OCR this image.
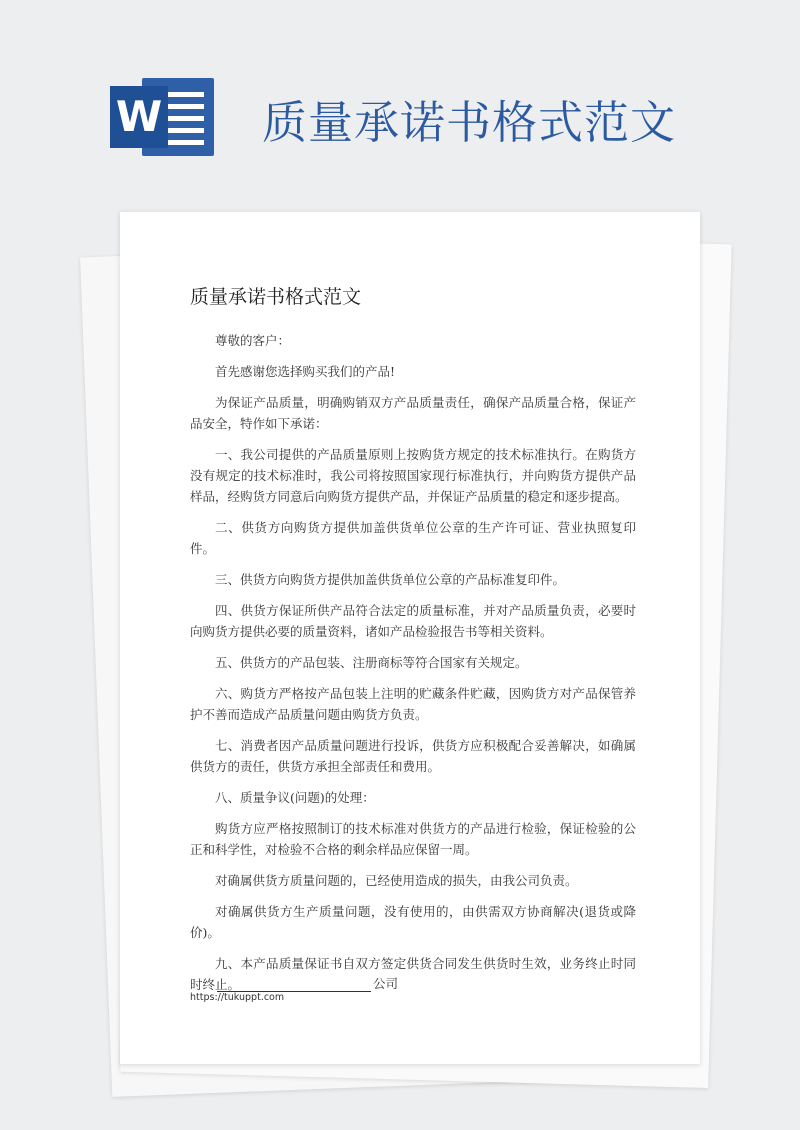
W 质量承诺书格式范文
质量承诺书格式范文

尊敬的客户：

首先感谢您选择购买我们的产品!

为保证产品质量，明确购销双方产品质量责任，确保产品质量合格，保证产品安全，特作如下承诺：

一、我公司提供的产品质量原则上按购货方规定的技术标准执行。在购货方没有规定的技术标准时，我公司将按照国家现行标准执行，并向购货方提供产品样品，经购货方同意后向购货方提供产品，并保证产品质量的稳定和逐步提高。

二、供货方向购货方提供加盖供货单位公章的生产许可证、营业执照复印件。

三、供货方向购货方提供加盖供货单位公章的产品标准复印件。

四、供货方保证所供产品符合法定的质量标准，并对产品质量负责，必要时向购货方提供必要的质量资料，诸如产品检验报告书等相关资料。

五、供货方的产品包装、注册商标等符合国家有关规定。

六、购货方严格按产品包装上注明的贮藏条件贮藏，因购货方对产品保管养护不善而造成产品质量问题由购货方负责。

七、消费者因产品质量问题进行投诉，供货方应积极配合妥善解决，如确属供货方的责任，供货方承担全部责任和费用。

八、质量争议(问题)的处理：

购货方应严格按照制订的技术标准对供货方的产品进行检验，保证检验的公正和科学性，对检验不合格的剩余样品应保留一周。

对确属供货方质量问题的，已经使用造成的损失，由我公司负责。

对确属供货方生产质量问题，没有使用的，由供需双方协商解决(退货或降价)。

九、本产品质量保证书自双方签定供货合同发生供货时生效，业务终止时同时终止。	公司
https://tukuppt.com
